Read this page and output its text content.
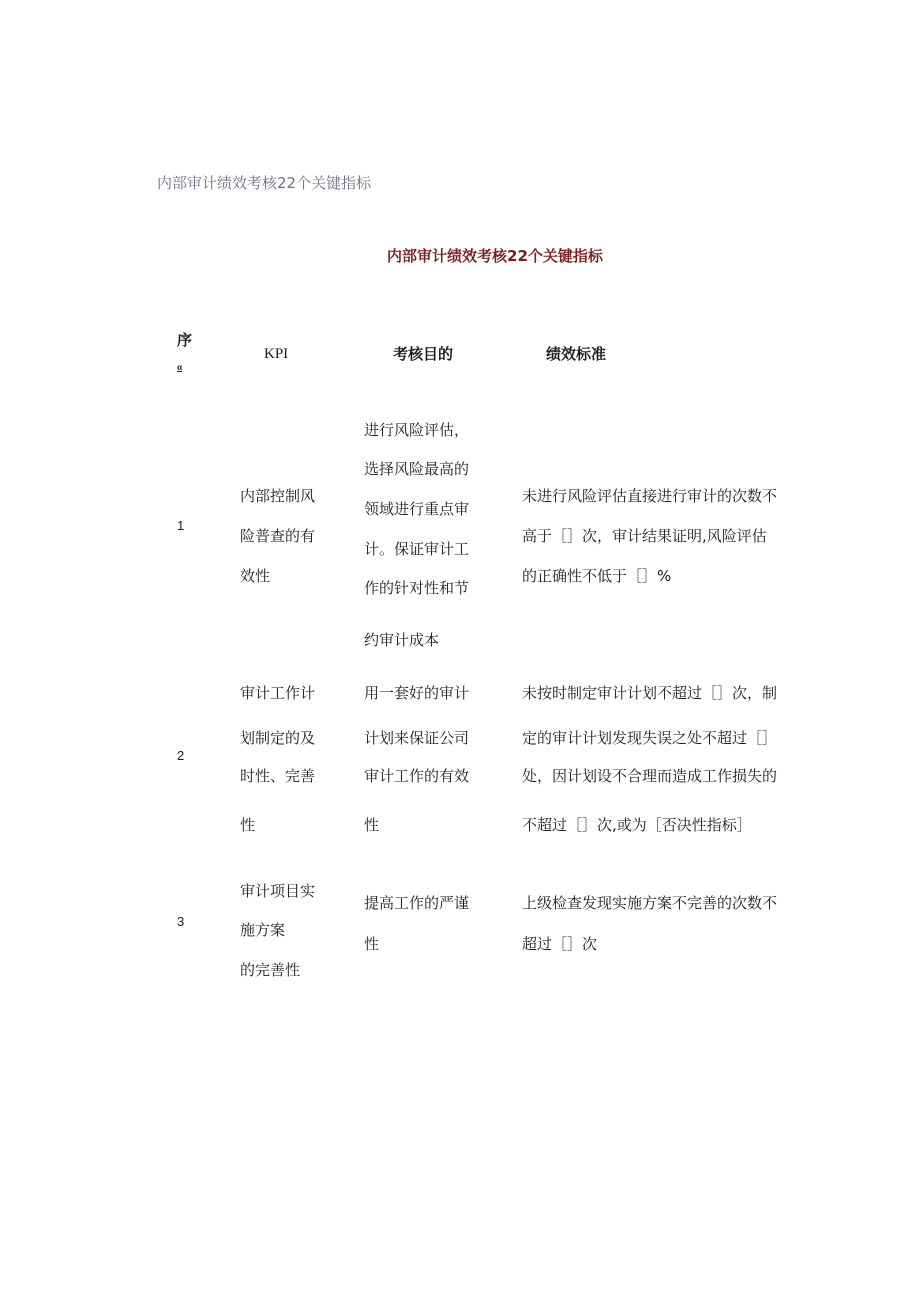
内部审计绩效考核22个关键指标
内部审计绩效考核22个关键指标
序
α
KPI	考核目的	绩效标准
1
内部控制风
险普查的有
效性
进行风险评估，
选择风险最高的
领域进行重点审
计。保证审计工
作的针对性和节
约审计成本
未进行风险评估直接进行审计的次数不
高于［］次，审计结果证明,风险评估
的正确性不低于［］%
2
审计工作计
划制定的及
时性、完善
性
用一套好的审计
计划来保证公司
审计工作的有效
性
未按时制定审计计划不超过［］次，制
定的审计计划发现失误之处不超过［］
处，因计划设不合理而造成工作损失的
不超过［］次,或为［否决性指标］
3
审计项目实
施方案
的完善性
提高工作的严谨
性
上级检查发现实施方案不完善的次数不
超过［］次
